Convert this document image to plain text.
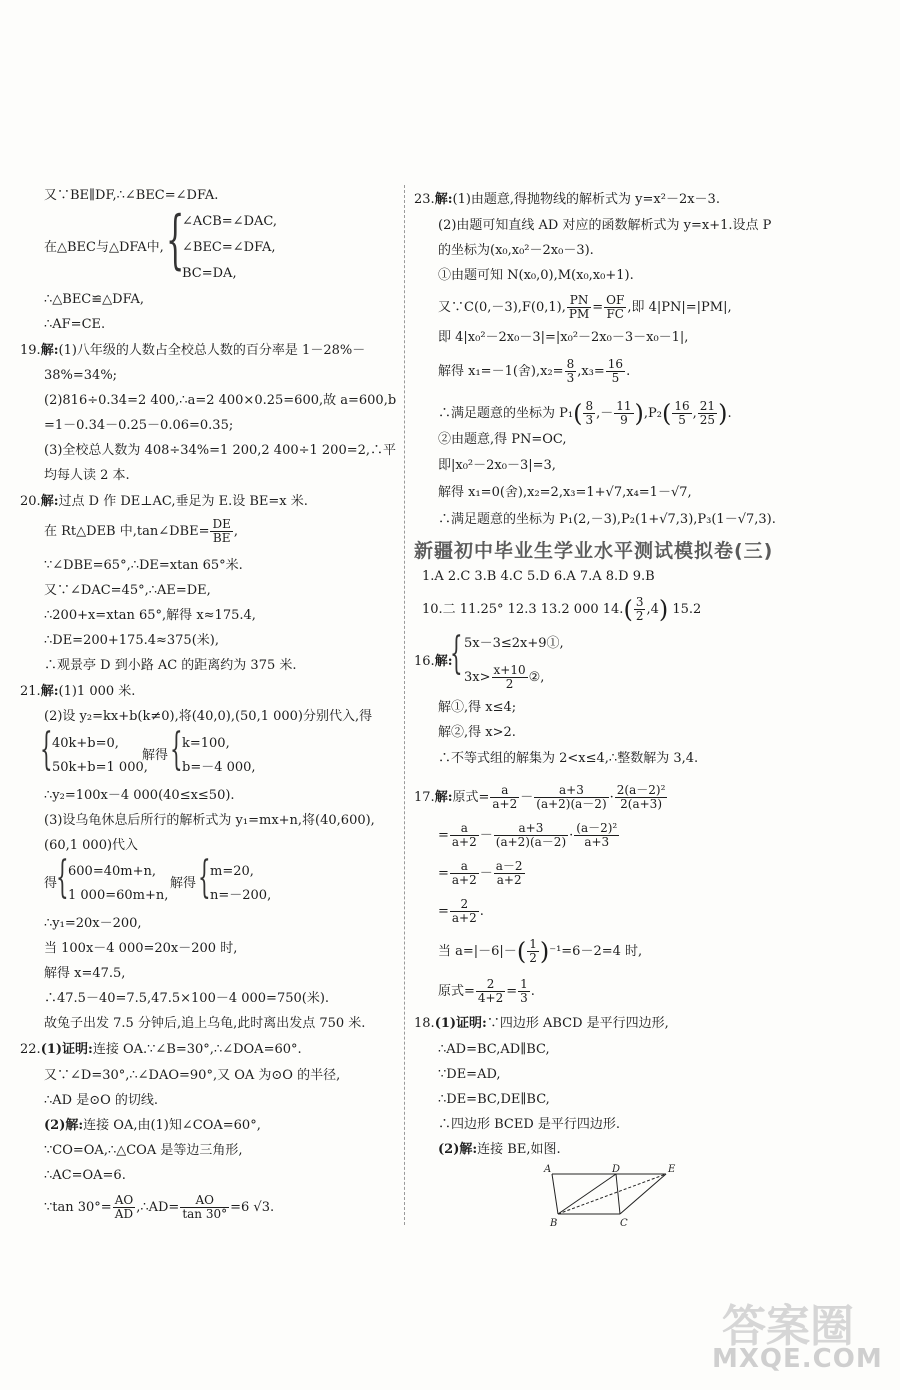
又∵BE∥DF,∴∠BEC=∠DFA.
在△BEC与△DFA中, {
∠ACB=∠DAC,
∠BEC=∠DFA,
BC=DA,
∴△BEC≌△DFA,
∴AF=CE.
19.解:(1)八年级的人数占全校总人数的百分率是 1－28%－
38%=34%;
(2)816÷0.34=2 400,∴a=2 400×0.25=600,故 a=600,b
=1－0.34－0.25－0.06=0.35;
(3)全校总人数为 408÷34%=1 200,2 400÷1 200=2,∴平
均每人读 2 本.
20.解:过点 D 作 DE⊥AC,垂足为 E.设 BE=x 米.
在 Rt△DEB 中,tan∠DBE= $\frac{DE}{BE}$ ,
∵∠DBE=65°,∴DE=xtan 65°米.
又∵∠DAC=45°,∴AE=DE,
∴200+x=xtan 65°,解得 x≈175.4,
∴DE=200+175.4≈375(米),
∴观景亭 D 到小路 AC 的距离约为 375 米.
21.解:(1)1 000 米.
(2)设 y₂=kx+b(k≠0),将(40,0),(50,1 000)分别代入,得
{ 40k+b=0,
50k+b=1 000,
解得 { k=100,
b=－4 000,
∴y₂=100x－4 000(40≤x≤50).
(3)设乌龟休息后所行的解析式为 y₁=mx+n,将(40,600),
(60,1 000)代入
得
{ 600=40m+n,
1 000=60m+n,
解得 { m=20,
n=－200,
∴y₁=20x－200,
当 100x－4 000=20x－200 时,
解得 x=47.5,
∴47.5－40=7.5,47.5×100－4 000=750(米).
故兔子出发 7.5 分钟后,追上乌龟,此时离出发点 750 米.
22.(1)证明:连接 OA.∵∠B=30°,∴∠DOA=60°.
又∵∠D=30°,∴∠DAO=90°,又 OA 为⊙O 的半径,
∴AD 是⊙O 的切线.
(2)解:连接 OA,由(1)知∠COA=60°,
∵CO=OA,∴△COA 是等边三角形,
∴AC=OA=6.
∵tan $30^\circ= \frac{AO}{AD}$ ,∴AD= $\frac{AO}{\tan 30^\circ} =6$ √3.
23.解:(1)由题意,得抛物线的解析式为 y=x²－2x－3.
(2)由题可知直线 AD 对应的函数解析式为 y=x+1.设点 P
的坐标为(x₀,x₀²－2x₀－3).
①由题可知 N(x₀,0),M(x₀,x₀+1).
又∵C(0,－3),F(0,1), $\frac{PN}{PM} = \frac{OF}{FC}$ ,即 4|PN|=|PM|,
即 4|x₀²－2x₀－3|=|x₀²－2x₀－3－x₀－1|,
解得 x₁=－1(舍)$,x_2= \frac{8}{3} ,x_3= \frac{16}{5}$ .
∴满足题意的坐标为 $P_1( \frac{8}{3}$ ,－ $\frac{11}{9} ),P_2( \frac{16}{5}$ , $\frac{21}{25}$ ).
②由题意,得 PN=OC,
即|x₀²－2x₀－3|=3,
解得 x₁=0(舍),x₂=2,x₃=1+√7,x₄=1－√7,
∴满足题意的坐标为 P₁(2,－3),P₂(1+√7,3),P₃(1－√7,3).
新疆初中毕业生学业水平测试模拟卷(三)
1.A 2.C 3.B 4.C 5.D 6.A 7.A 8.D 9.B
10.二 11.25° 12.3 13.2 000 $14.( \frac{3}{2} ,4)$ 15.2
16.解:
{ 5x－3≤2x+9①,
$3x> \frac{x+10}{2}$ ②,
解①,得 x≤4;
解②,得 x>2.
∴不等式组的解集为 2<x≤4,∴整数解为 3,4.
17.解:原式= $\frac{a}{a+2} - \frac{a+3}{(a+2)(a-2)} \cdot \frac{\text{2(a－2)²}}{2(a+3)}$
= $\frac{a}{a+2} - \frac{a+3}{(a+2)(a-2)} \cdot \frac{\text{(a－2)²}}{a+3}$
= $\frac{a}{a+2} - \frac{a-2}{a+2}$
= $\frac{2}{a+2}$ .
当 $a=|-6|-( \frac{1}{2} )^{-1}=6-2=4$ 时,
原式= $\frac{2}{4+2} = \frac{1}{3}$ .
18.(1)证明:∵四边形 ABCD 是平行四边形,
∴AD=BC,AD∥BC,
∵DE=AD,
∴DE=BC,DE∥BC,
∴四边形 BCED 是平行四边形.
(2)解:连接 BE,如图.
A	D	E
B	C
答案圈
MXQE.COM
